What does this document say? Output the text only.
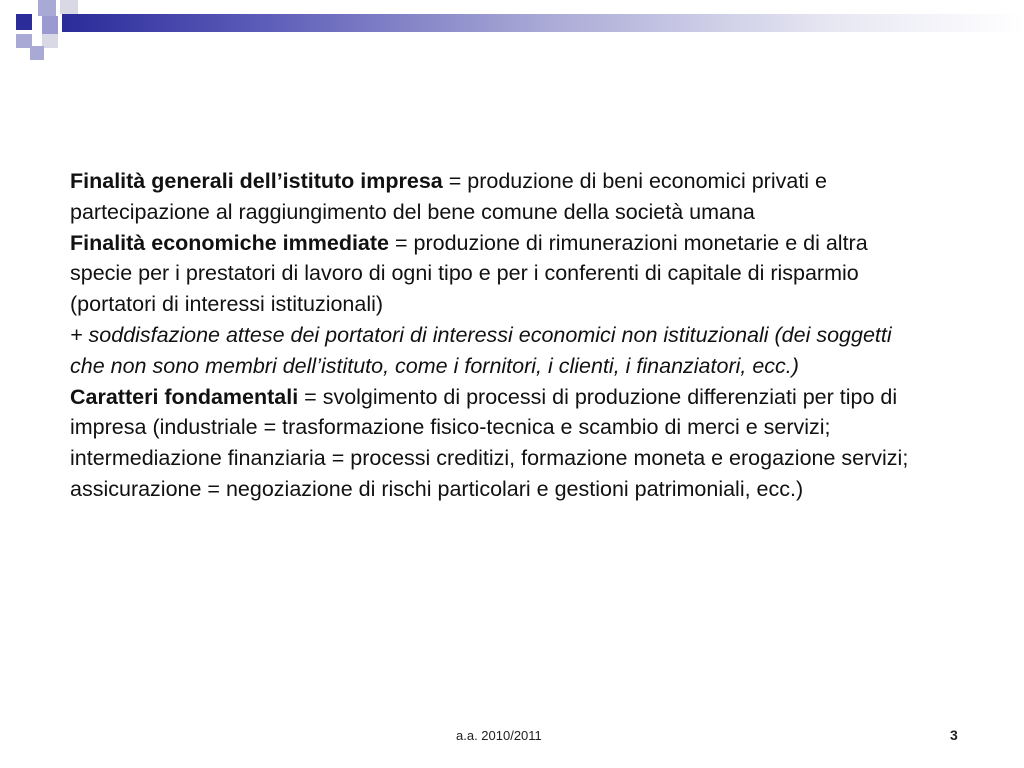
Finalità generali dell’istituto impresa = produzione di beni economici privati e partecipazione al raggiungimento del bene comune della società umana

Finalità economiche immediate = produzione di rimunerazioni monetarie e di altra specie per i prestatori di lavoro di ogni tipo e per i conferenti di capitale di risparmio (portatori di interessi istituzionali)

+ soddisfazione attese dei portatori di interessi economici non istituzionali (dei soggetti che non sono membri dell’istituto, come i fornitori, i clienti, i finanziatori, ecc.)

Caratteri fondamentali = svolgimento di processi di produzione differenziati per tipo di impresa (industriale = trasformazione fisico-tecnica e scambio di merci e servizi; intermediazione finanziaria = processi creditizi, formazione moneta e erogazione servizi; assicurazione = negoziazione di rischi particolari e gestioni patrimoniali, ecc.)

a.a. 2010/2011	3
